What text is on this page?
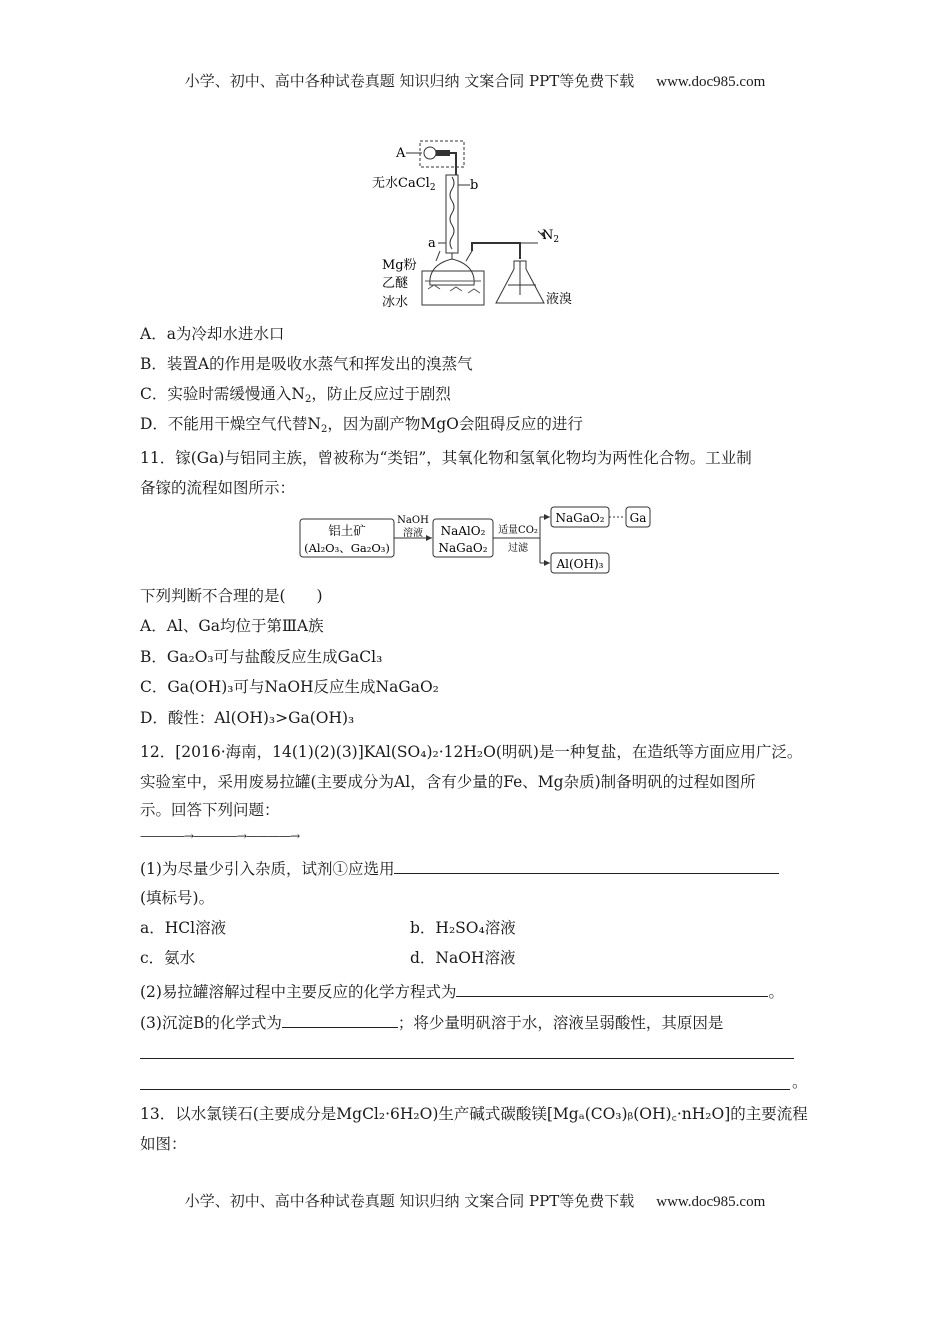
小学、初中、高中各种试卷真题 知识归纳 文案合同 PPT等免费下载 www.doc985.com
A
无水CaCl$_2$	b
a
$N_2$
Mg粉
乙醚
冰水	液溴
A．a为冷却水进水口
B．装置A的作用是吸收水蒸气和挥发出的溴蒸气
C．实验时需缓慢通入$N_2$，防止反应过于剧烈
D．不能用干燥空气代替$N_2$，因为副产物MgO会阻碍反应的进行
11．镓(Ga)与铝同主族，曾被称为“类铝”，其氧化物和氢氧化物均为两性化合物。工业制
备镓的流程如图所示：
铝土矿
(Al₂O₃、Ga₂O₃)
NaOH
溶液 NaAlO₂
NaGaO₂
适量CO₂
过滤
NaGaO₂ Ga
Al(OH)₃
下列判断不合理的是(　　)
A．Al、Ga均位于第ⅢA族
B．Ga₂O₃可与盐酸反应生成GaCl₃
C．Ga(OH)₃可与NaOH反应生成NaGaO₂
D．酸性：Al(OH)₃>Ga(OH)₃
12．[2016·海南，14(1)(2)(3)]KAl(SO₄)₂·12H₂O(明矾)是一种复盐，在造纸等方面应用广泛。
实验室中，采用废易拉罐(主要成分为Al，含有少量的Fe、Mg杂质)制备明矾的过程如图所
示。回答下列问题：
————→————→————→
(1)为尽量少引入杂质，试剂①应选用
(填标号)。
a．HCl溶液	b．H₂SO₄溶液
c．氨水	d．NaOH溶液
(2)易拉罐溶解过程中主要反应的化学方程式为	。
(3)沉淀B的化学式为	；将少量明矾溶于水，溶液呈弱酸性，其原因是
。
13．以水氯镁石(主要成分是MgCl₂·6H₂O)生产碱式碳酸镁[Mgₐ(CO₃)ᵦ(OH)꜀·nH₂O]的主要流程
如图：
小学、初中、高中各种试卷真题 知识归纳 文案合同 PPT等免费下载 www.doc985.com
